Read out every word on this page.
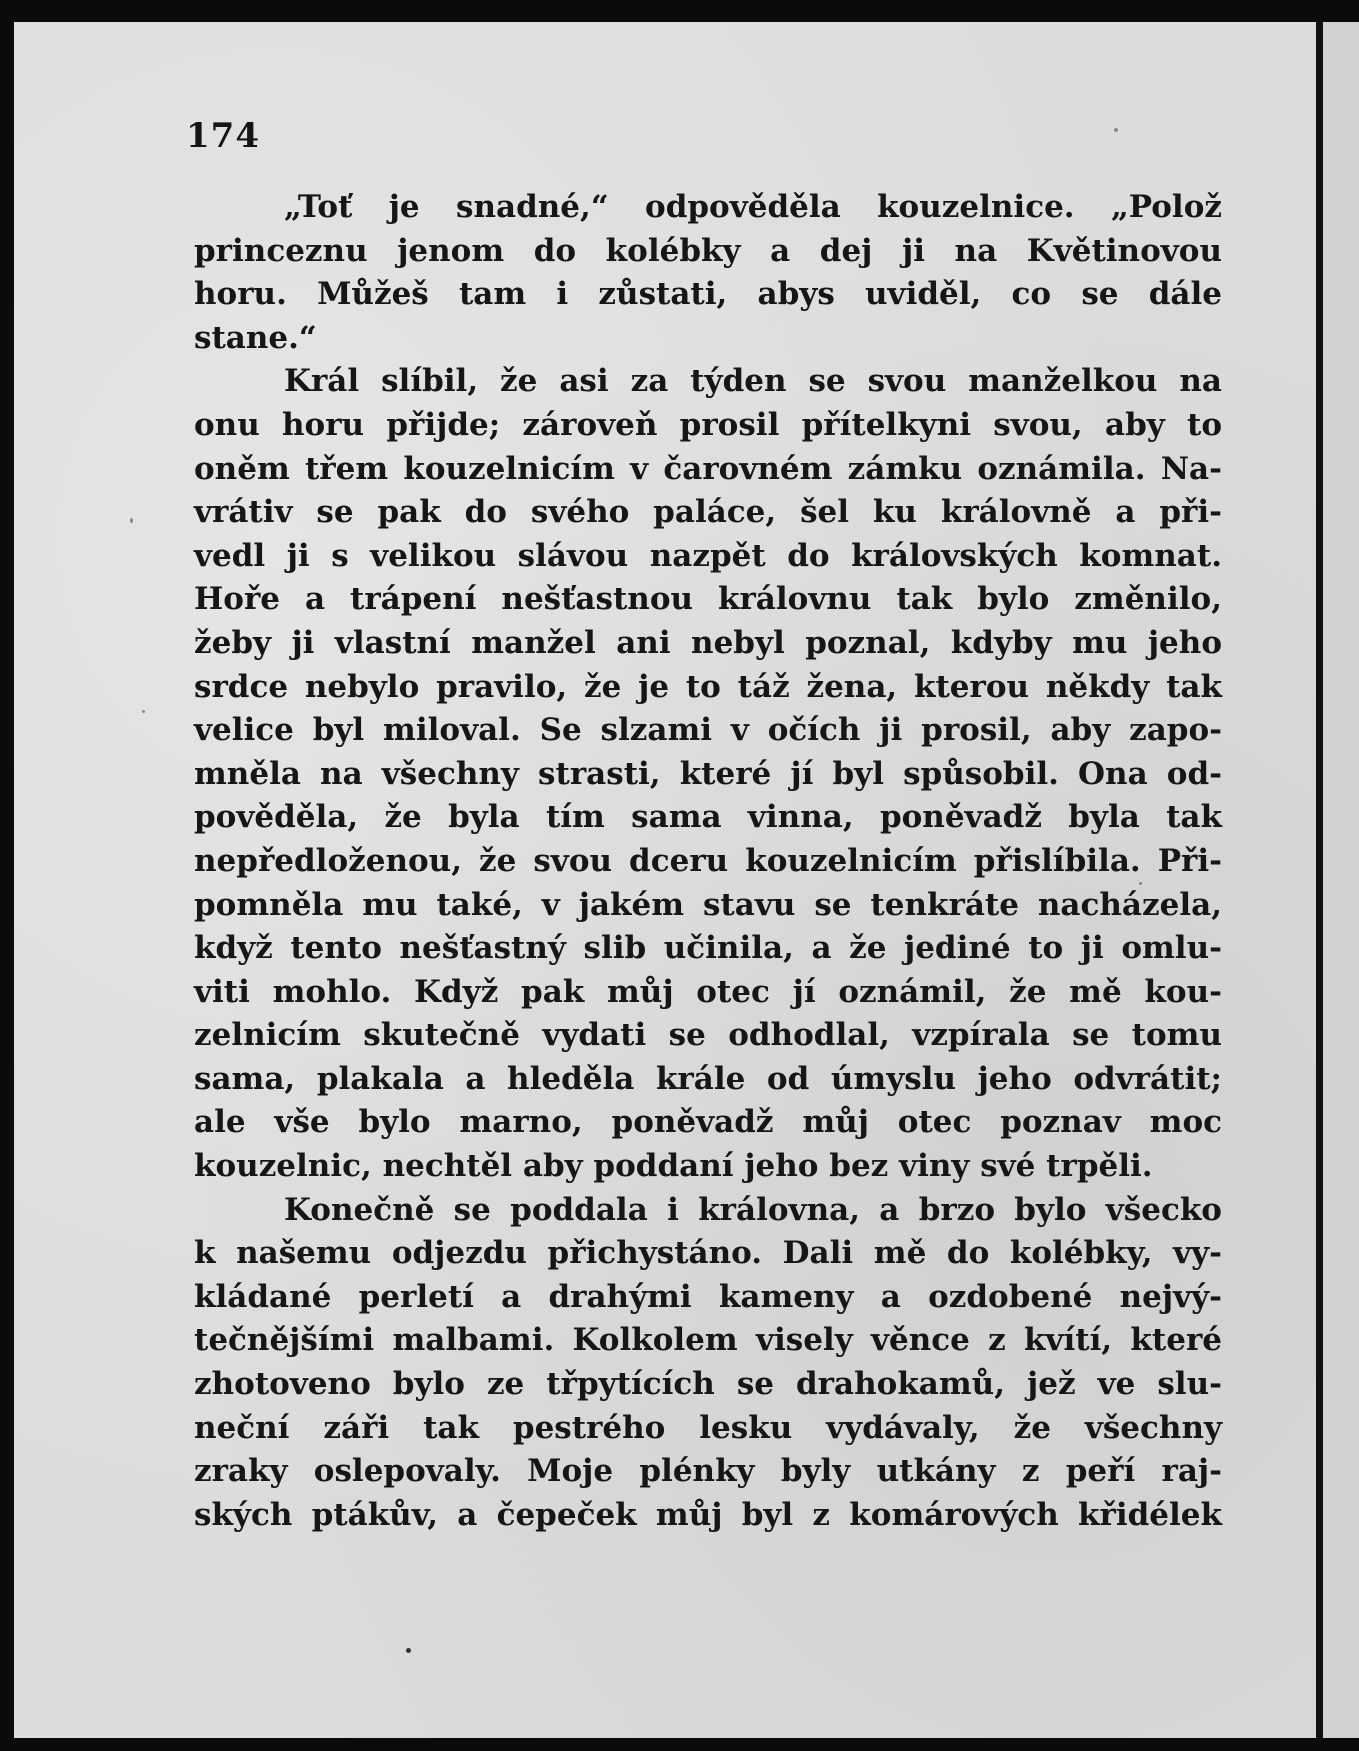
174
„Toť je snadné,“ odpověděla kouzelnice. „Polož
princeznu jenom do kolébky a dej ji na Květinovou
horu. Můžeš tam i zůstati, abys uviděl, co se dále
stane.“
Král slíbil, že asi za týden se svou manželkou na
onu horu přijde; zároveň prosil přítelkyni svou, aby to
oněm třem kouzelnicím v čarovném zámku oznámila. Na-
vrátiv se pak do svého paláce, šel ku královně a při-
vedl ji s velikou slávou nazpět do královských komnat.
Hoře a trápení nešťastnou královnu tak bylo změnilo,
žeby ji vlastní manžel ani nebyl poznal, kdyby mu jeho
srdce nebylo pravilo, že je to táž žena, kterou někdy tak
velice byl miloval. Se slzami v očích ji prosil, aby zapo-
mněla na všechny strasti, které jí byl spůsobil. Ona od-
pověděla, že byla tím sama vinna, poněvadž byla tak
nepředloženou, že svou dceru kouzelnicím přislíbila. Při-
pomněla mu také, v jakém stavu se tenkráte nacházela,
když tento nešťastný slib učinila, a že jediné to ji omlu-
viti mohlo. Když pak můj otec jí oznámil, že mě kou-
zelnicím skutečně vydati se odhodlal, vzpírala se tomu
sama, plakala a hleděla krále od úmyslu jeho odvrátit;
ale vše bylo marno, poněvadž můj otec poznav moc
kouzelnic, nechtěl aby poddaní jeho bez viny své trpěli.
Konečně se poddala i královna, a brzo bylo všecko
k našemu odjezdu přichystáno. Dali mě do kolébky, vy-
kládané perletí a drahými kameny a ozdobené nejvý-
tečnějšími malbami. Kolkolem visely věnce z kvítí, které
zhotoveno bylo ze třpytících se drahokamů, jež ve slu-
neční záři tak pestrého lesku vydávaly, že všechny
zraky oslepovaly. Moje plénky byly utkány z peří raj-
ských ptákův, a čepeček můj byl z komárových křidélek
